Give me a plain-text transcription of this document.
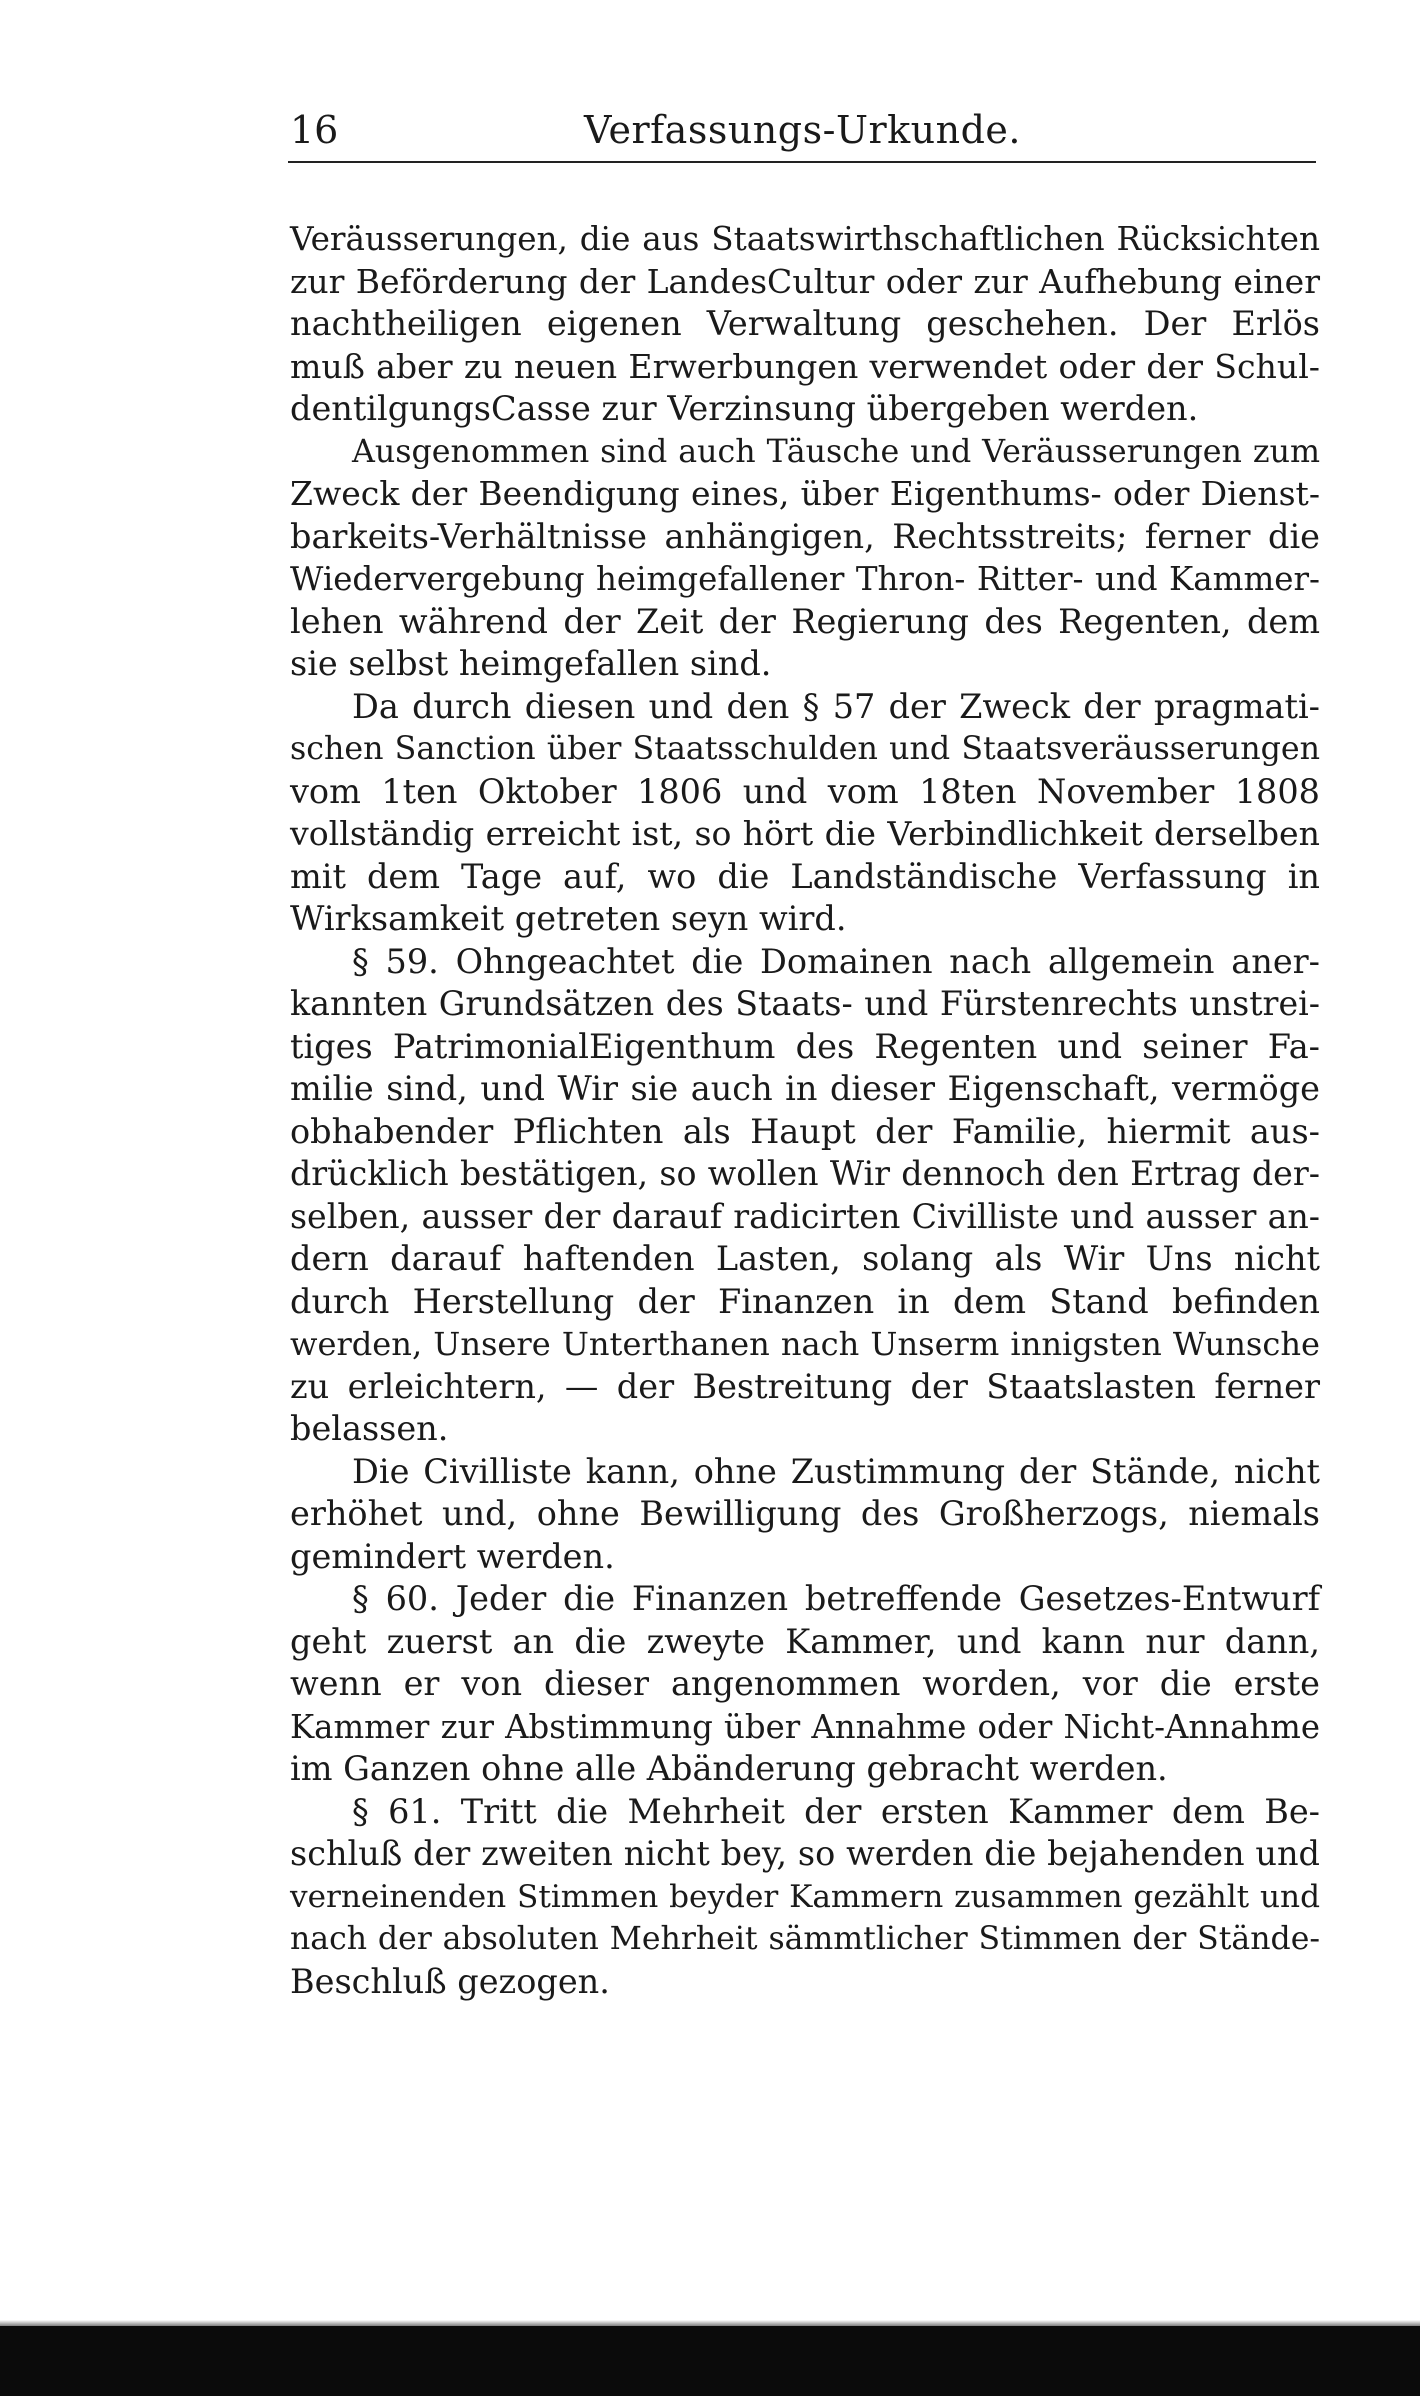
16	Verfassungs-Urkunde.
Veräusserungen, die aus Staatswirthschaftlichen Rücksichten
zur Beförderung der LandesCultur oder zur Aufhebung einer
nachtheiligen eigenen Verwaltung geschehen. Der Erlös
muß aber zu neuen Erwerbungen verwendet oder der Schul-
dentilgungsCasse zur Verzinsung übergeben werden.
Ausgenommen sind auch Täusche und Veräusserungen zum
Zweck der Beendigung eines, über Eigenthums- oder Dienst-
barkeits-Verhältnisse anhängigen, Rechtsstreits; ferner die
Wiedervergebung heimgefallener Thron- Ritter- und Kammer-
lehen während der Zeit der Regierung des Regenten, dem
sie selbst heimgefallen sind.
Da durch diesen und den § 57 der Zweck der pragmati-
schen Sanction über Staatsschulden und Staatsveräusserungen
vom 1ten Oktober 1806 und vom 18ten November 1808
vollständig erreicht ist, so hört die Verbindlichkeit derselben
mit dem Tage auf, wo die Landständische Verfassung in
Wirksamkeit getreten seyn wird.
§ 59. Ohngeachtet die Domainen nach allgemein aner-
kannten Grundsätzen des Staats- und Fürstenrechts unstrei-
tiges PatrimonialEigenthum des Regenten und seiner Fa-
milie sind, und Wir sie auch in dieser Eigenschaft, vermöge
obhabender Pflichten als Haupt der Familie, hiermit aus-
drücklich bestätigen, so wollen Wir dennoch den Ertrag der-
selben, ausser der darauf radicirten Civilliste und ausser an-
dern darauf haftenden Lasten, solang als Wir Uns nicht
durch Herstellung der Finanzen in dem Stand befinden
werden, Unsere Unterthanen nach Unserm innigsten Wunsche
zu erleichtern, — der Bestreitung der Staatslasten ferner
belassen.
Die Civilliste kann, ohne Zustimmung der Stände, nicht
erhöhet und, ohne Bewilligung des Großherzogs, niemals
gemindert werden.
§ 60. Jeder die Finanzen betreffende Gesetzes-Entwurf
geht zuerst an die zweyte Kammer, und kann nur dann,
wenn er von dieser angenommen worden, vor die erste
Kammer zur Abstimmung über Annahme oder Nicht-Annahme
im Ganzen ohne alle Abänderung gebracht werden.
§ 61. Tritt die Mehrheit der ersten Kammer dem Be-
schluß der zweiten nicht bey, so werden die bejahenden und
verneinenden Stimmen beyder Kammern zusammen gezählt und
nach der absoluten Mehrheit sämmtlicher Stimmen der Stände-
Beschluß gezogen.
